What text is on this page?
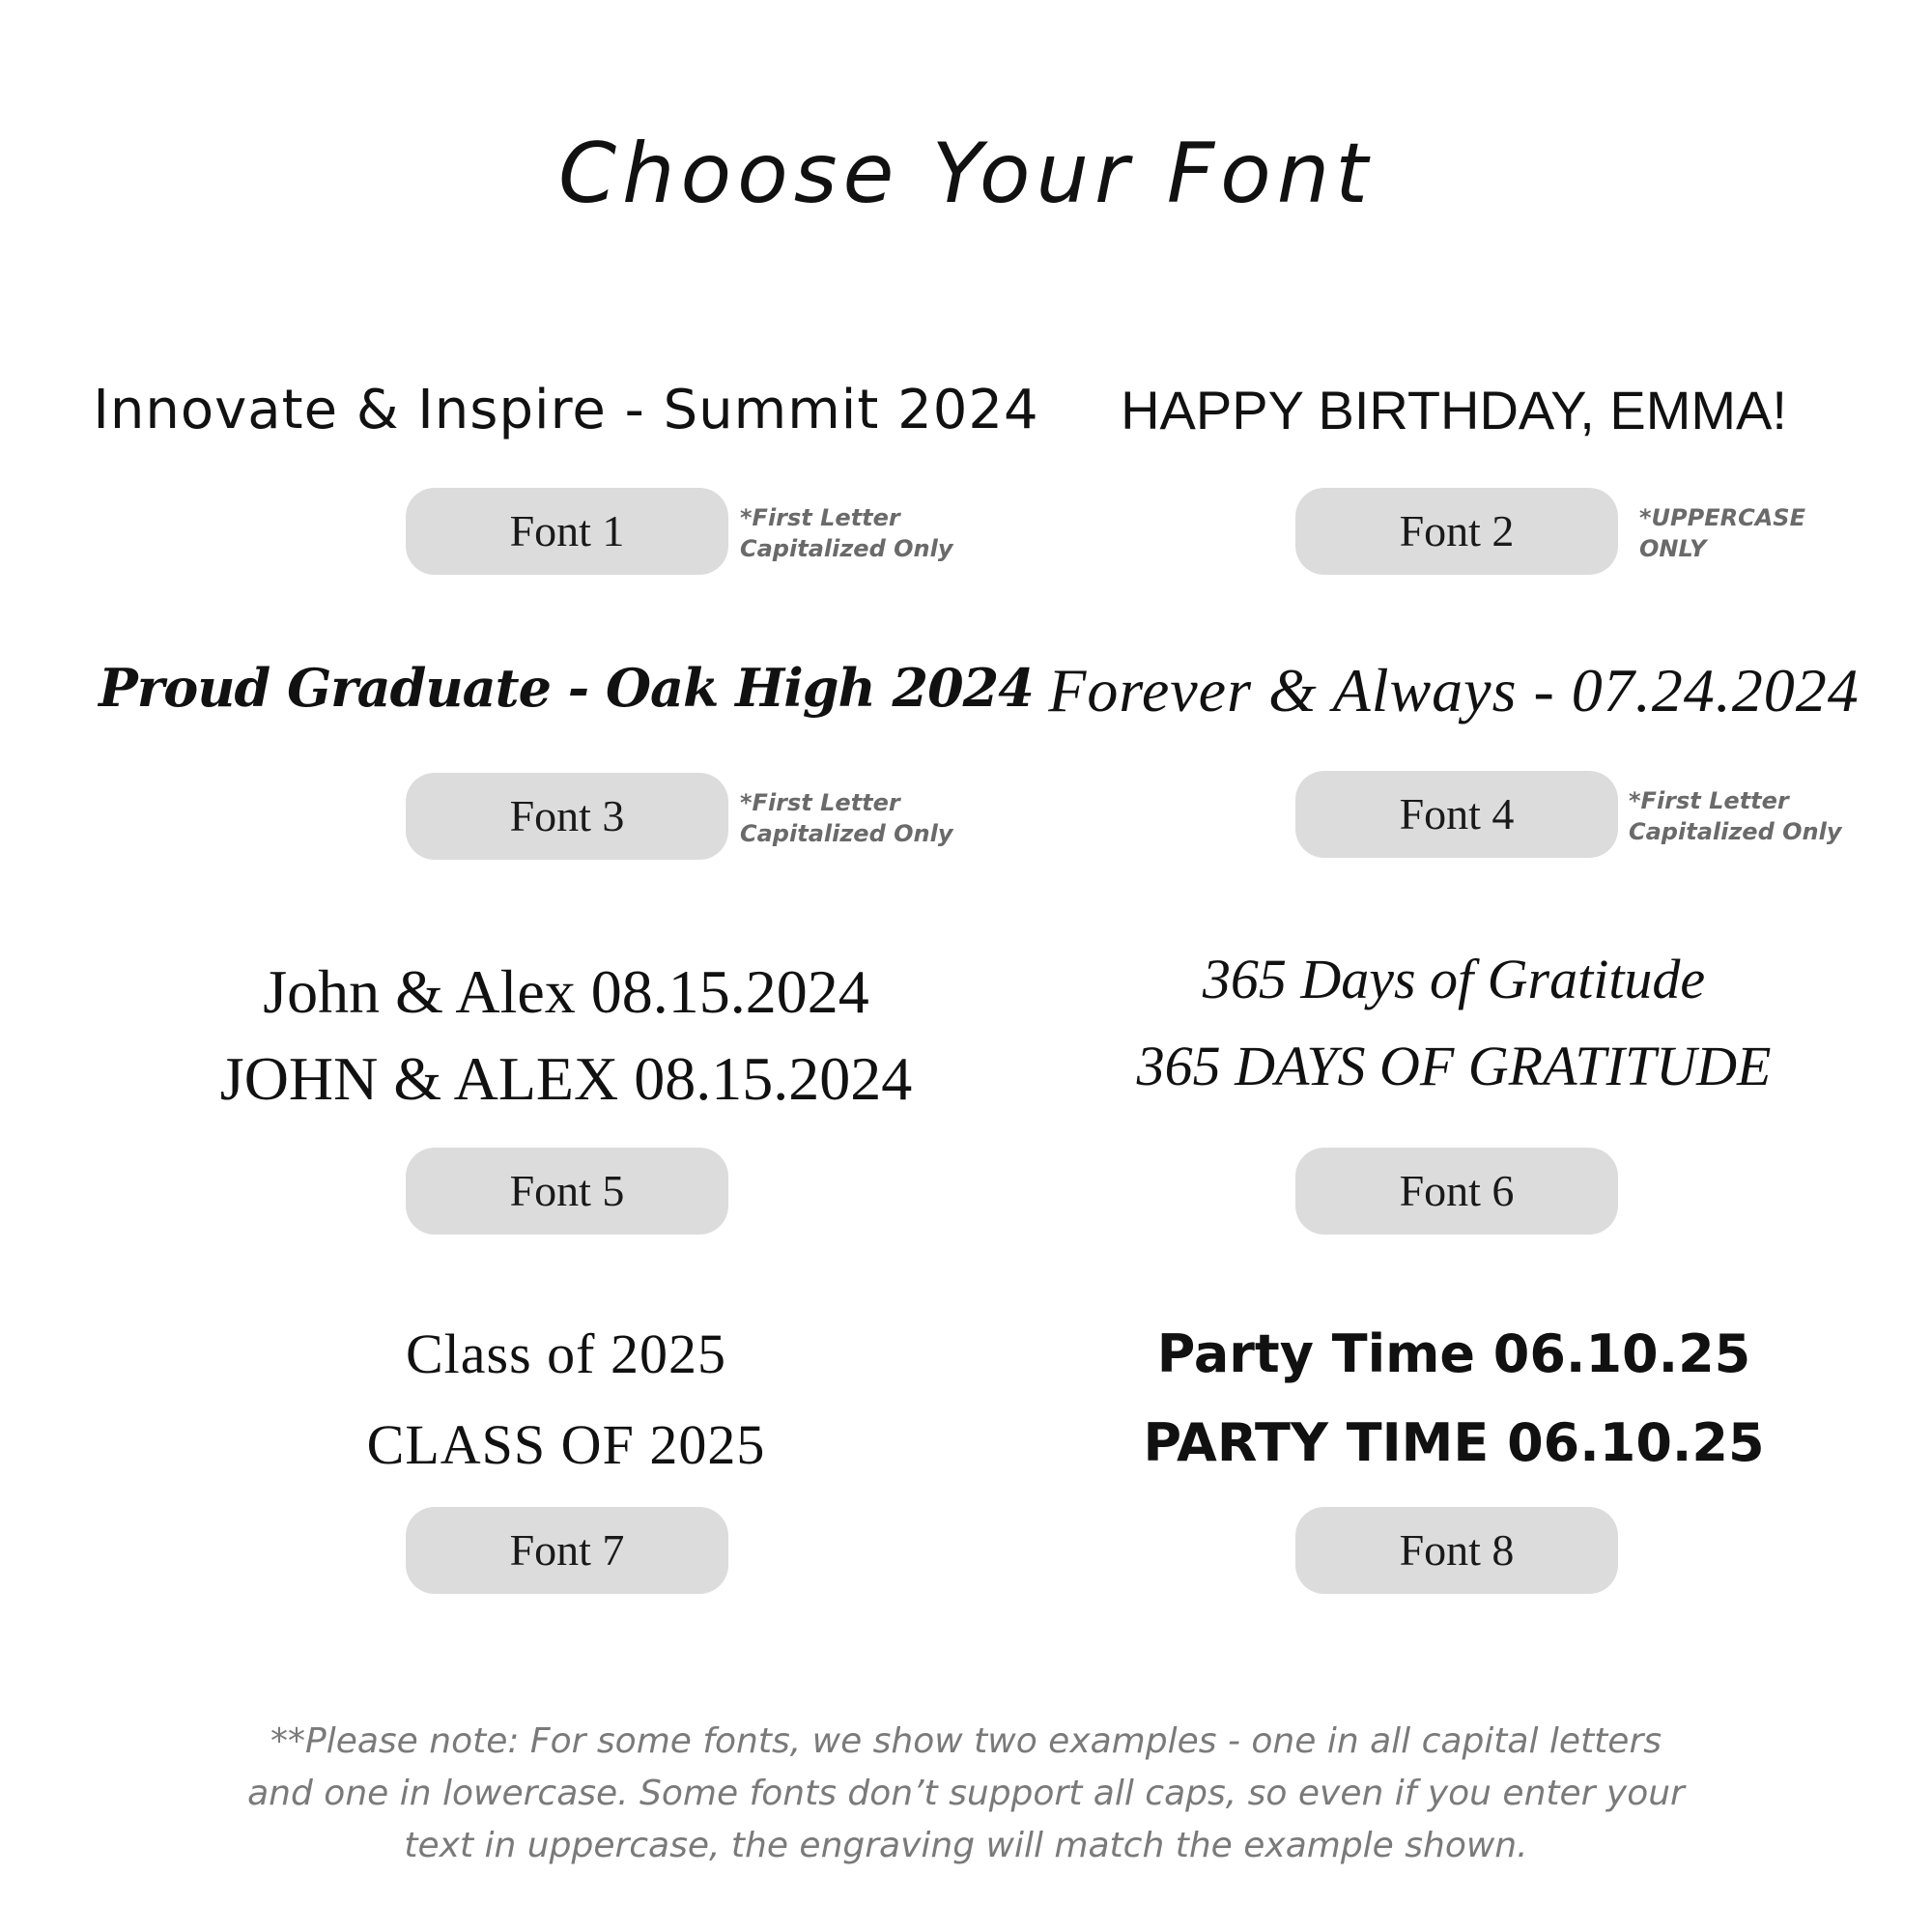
Choose Your Font
Innovate & Inspire - Summit 2024
Font 1	*First Letter
Capitalized Only
HAPPY BIRTHDAY, EMMA!
Font 2	*UPPERCASE
ONLY
Proud Graduate - Oak High 2024
Font 3	*First Letter
Capitalized Only
Forever & Always - 07.24.2024
Font 4	*First Letter
Capitalized Only
John & Alex 08.15.2024
JOHN & ALEX 08.15.2024
Font 5
365 Days of Gratitude
365 DAYS OF GRATITUDE
Font 6
Class of 2025
CLASS OF 2025
Font 7
Party Time 06.10.25
PARTY TIME 06.10.25
Font 8
**Please note: For some fonts, we show two examples - one in all capital letters
and one in lowercase. Some fonts don’t support all caps, so even if you enter your
text in uppercase, the engraving will match the example shown.
